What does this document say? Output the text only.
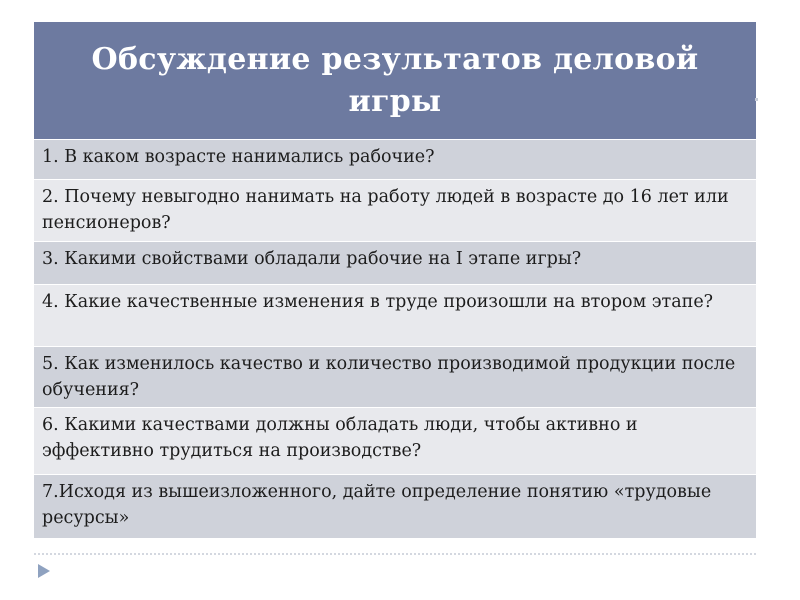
Обсуждение результатов деловой игры
1. В каком возрасте нанимались рабочие?
2. Почему невыгодно нанимать на работу людей в возрасте до 16 лет или пенсионеров?
3. Какими свойствами обладали рабочие на I этапе игры?
4. Какие качественные изменения в труде произошли на втором этапе?
5. Как изменилось качество и количество производимой продукции после обучения?
6. Какими качествами должны обладать люди, чтобы активно и эффективно трудиться на производстве?
7.Исходя из вышеизложенного, дайте определение понятию «трудовые ресурсы»
